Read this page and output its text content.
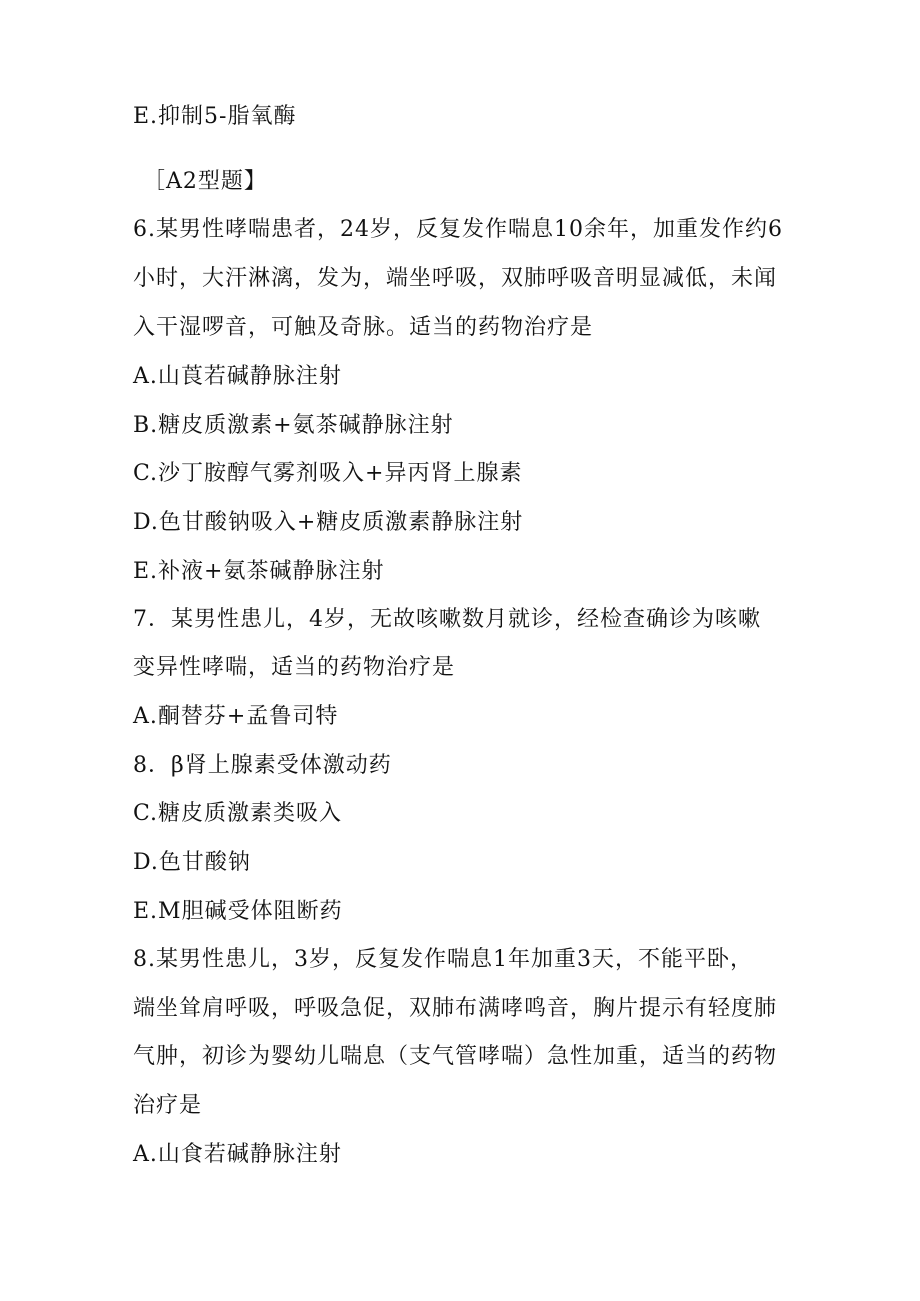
E.抑制5-脂氧酶
［A2型题】
6.某男性哮喘患者，24岁，反复发作喘息10余年，加重发作约6
小时，大汗淋漓，发为，端坐呼吸，双肺呼吸音明显减低，未闻
入干湿啰音，可触及奇脉。适当的药物治疗是
A.山莨若碱静脉注射
B.糖皮质激素+氨茶碱静脉注射
C.沙丁胺醇气雾剂吸入+异丙肾上腺素
D.色甘酸钠吸入+糖皮质激素静脉注射
E.补液+氨茶碱静脉注射
7．某男性患儿，4岁，无故咳嗽数月就诊，经检查确诊为咳嗽
变异性哮喘，适当的药物治疗是
A.酮替芬+孟鲁司特
8．β肾上腺素受体激动药
C.糖皮质激素类吸入
D.色甘酸钠
E.M胆碱受体阻断药
8.某男性患儿，3岁，反复发作喘息1年加重3天，不能平卧，
端坐耸肩呼吸，呼吸急促，双肺布满哮鸣音，胸片提示有轻度肺
气肿，初诊为婴幼儿喘息（支气管哮喘）急性加重，适当的药物
治疗是
A.山食若碱静脉注射
